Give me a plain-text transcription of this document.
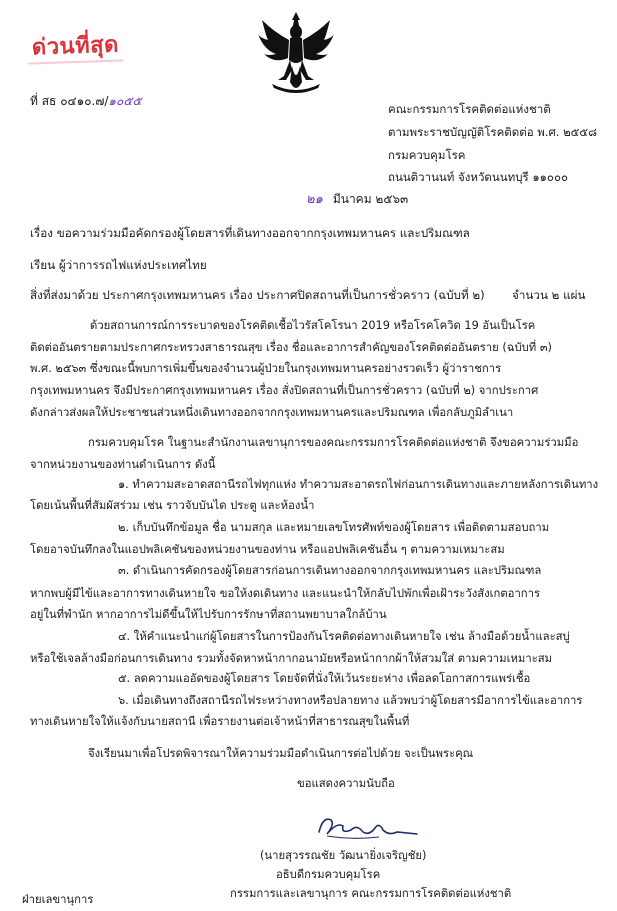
ด่วนที่สุด
ที่ สธ ๐๔๑๐.๗/๑๐๕๕
คณะกรรมการโรคติดต่อแห่งชาติ
ตามพระราชบัญญัติโรคติดต่อ พ.ศ. ๒๕๕๘
กรมควบคุมโรค
ถนนติวานนท์ จังหวัดนนทบุรี ๑๑๐๐๐
๒๑ มีนาคม ๒๕๖๓
เรื่อง ขอความร่วมมือคัดกรองผู้โดยสารที่เดินทางออกจากกรุงเทพมหานคร และปริมณฑล
เรียน ผู้ว่าการรถไฟแห่งประเทศไทย
สิ่งที่ส่งมาด้วย ประกาศกรุงเทพมหานคร เรื่อง ประกาศปิดสถานที่เป็นการชั่วคราว (ฉบับที่ ๒) จำนวน ๒ แผ่น
ด้วยสถานการณ์การระบาดของโรคติดเชื้อไวรัสโคโรนา 2019 หรือโรคโควิด 19 อันเป็นโรค
ติดต่ออันตรายตามประกาศกระทรวงสาธารณสุข เรื่อง ชื่อและอาการสำคัญของโรคติดต่ออันตราย (ฉบับที่ ๓)
พ.ศ. ๒๕๖๓ ซึ่งขณะนี้พบการเพิ่มขึ้นของจำนวนผู้ป่วยในกรุงเทพมหานครอย่างรวดเร็ว ผู้ว่าราชการ
กรุงเทพมหานคร จึงมีประกาศกรุงเทพมหานคร เรื่อง สั่งปิดสถานที่เป็นการชั่วคราว (ฉบับที่ ๒) จากประกาศ
ดังกล่าวส่งผลให้ประชาชนส่วนหนึ่งเดินทางออกจากกรุงเทพมหานครและปริมณฑล เพื่อกลับภูมิลำเนา
กรมควบคุมโรค ในฐานะสำนักงานเลขานุการของคณะกรรมการโรคติดต่อแห่งชาติ จึงขอความร่วมมือ
จากหน่วยงานของท่านดำเนินการ ดังนี้
๑. ทำความสะอาดสถานีรถไฟทุกแห่ง ทำความสะอาดรถไฟก่อนการเดินทางและภายหลังการเดินทาง
โดยเน้นพื้นที่สัมผัสร่วม เช่น ราวจับบันได ประตู และห้องน้ำ
๒. เก็บบันทึกข้อมูล ชื่อ นามสกุล และหมายเลขโทรศัพท์ของผู้โดยสาร เพื่อติดตามสอบถาม
โดยอาจบันทึกลงในแอปพลิเคชันของหน่วยงานของท่าน หรือแอปพลิเคชันอื่น ๆ ตามความเหมาะสม
๓. ดำเนินการคัดกรองผู้โดยสารก่อนการเดินทางออกจากกรุงเทพมหานคร และปริมณฑล
หากพบผู้มีไข้และอาการทางเดินหายใจ ขอให้งดเดินทาง และแนะนำให้กลับไปพักเพื่อเฝ้าระวังสังเกตอาการ
อยู่ในที่พำนัก หากอาการไม่ดีขึ้นให้ไปรับการรักษาที่สถานพยาบาลใกล้บ้าน
๔. ให้คำแนะนำแก่ผู้โดยสารในการป้องกันโรคติดต่อทางเดินหายใจ เช่น ล้างมือด้วยน้ำและสบู่
หรือใช้เจลล้างมือก่อนการเดินทาง รวมทั้งจัดหาหน้ากากอนามัยหรือหน้ากากผ้าให้สวมใส่ ตามความเหมาะสม
๕. ลดความแออัดของผู้โดยสาร โดยจัดที่นั่งให้เว้นระยะห่าง เพื่อลดโอกาสการแพร่เชื้อ
๖. เมื่อเดินทางถึงสถานีรถไฟระหว่างทางหรือปลายทาง แล้วพบว่าผู้โดยสารมีอาการไข้และอาการ
ทางเดินหายใจให้แจ้งกับนายสถานี เพื่อรายงานต่อเจ้าหน้าที่สาธารณสุขในพื้นที่
จึงเรียนมาเพื่อโปรดพิจารณาให้ความร่วมมือดำเนินการต่อไปด้วย จะเป็นพระคุณ
ขอแสดงความนับถือ
(นายสุวรรณชัย วัฒนายิ่งเจริญชัย)
อธิบดีกรมควบคุมโรค
กรรมการและเลขานุการ คณะกรรมการโรคติดต่อแห่งชาติ
ฝ่ายเลขานุการ
